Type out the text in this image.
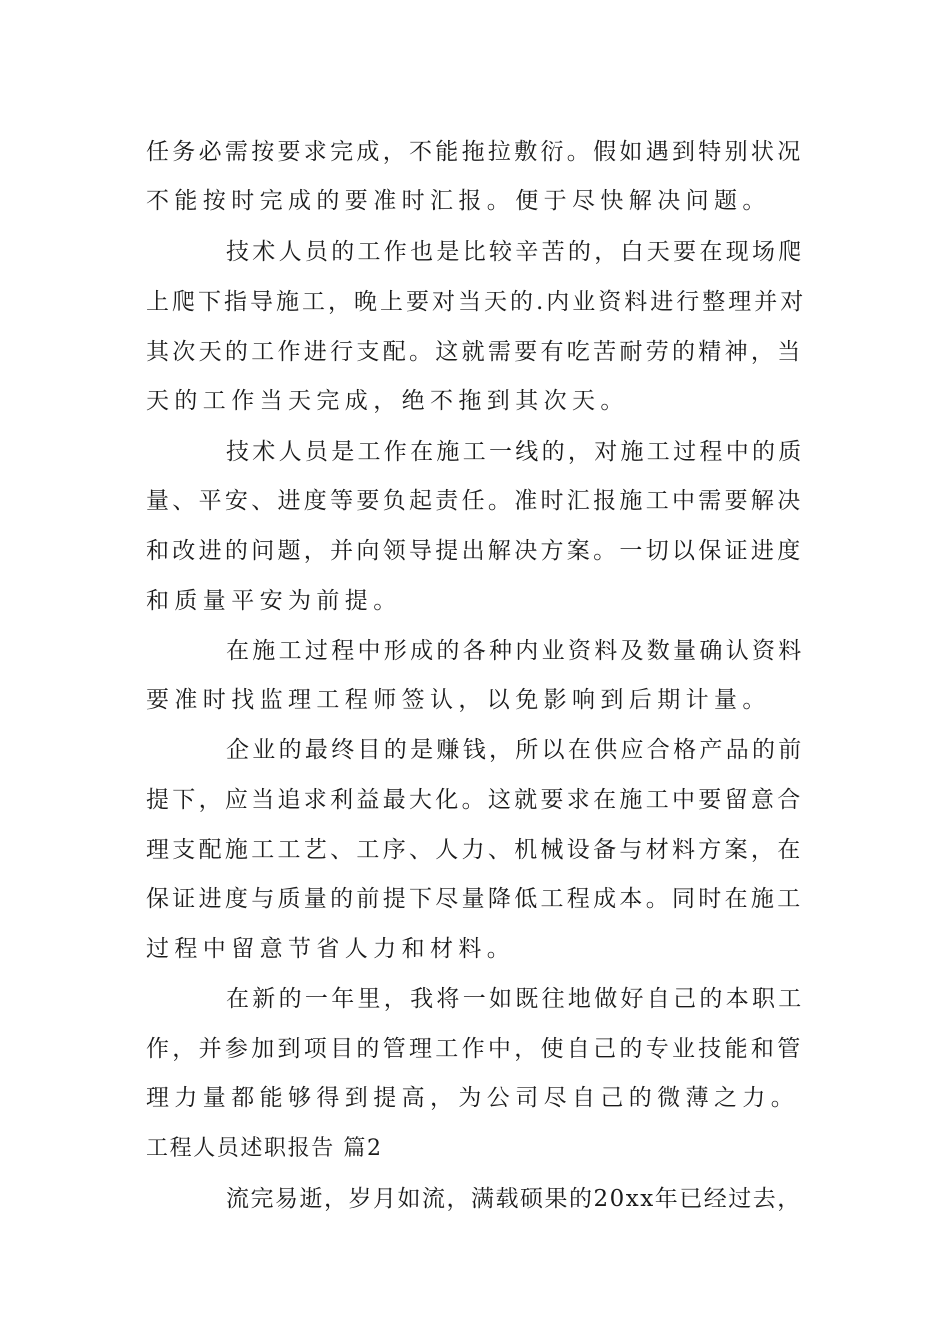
任务必需按要求完成，不能拖拉敷衍。假如遇到特别状况
不能按时完成的要准时汇报。便于尽快解决问题。
技术人员的工作也是比较辛苦的，白天要在现场爬
上爬下指导施工，晚上要对当天的.内业资料进行整理并对
其次天的工作进行支配。这就需要有吃苦耐劳的精神，当
天的工作当天完成，绝不拖到其次天。
技术人员是工作在施工一线的，对施工过程中的质
量、平安、进度等要负起责任。准时汇报施工中需要解决
和改进的问题，并向领导提出解决方案。一切以保证进度
和质量平安为前提。
在施工过程中形成的各种内业资料及数量确认资料
要准时找监理工程师签认，以免影响到后期计量。
企业的最终目的是赚钱，所以在供应合格产品的前
提下，应当追求利益最大化。这就要求在施工中要留意合
理支配施工工艺、工序、人力、机械设备与材料方案，在
保证进度与质量的前提下尽量降低工程成本。同时在施工
过程中留意节省人力和材料。
在新的一年里，我将一如既往地做好自己的本职工
作，并参加到项目的管理工作中，使自己的专业技能和管
理力量都能够得到提高，为公司尽自己的微薄之力。
工程人员述职报告 篇2
流完易逝，岁月如流，满载硕果的20xx年已经过去，
